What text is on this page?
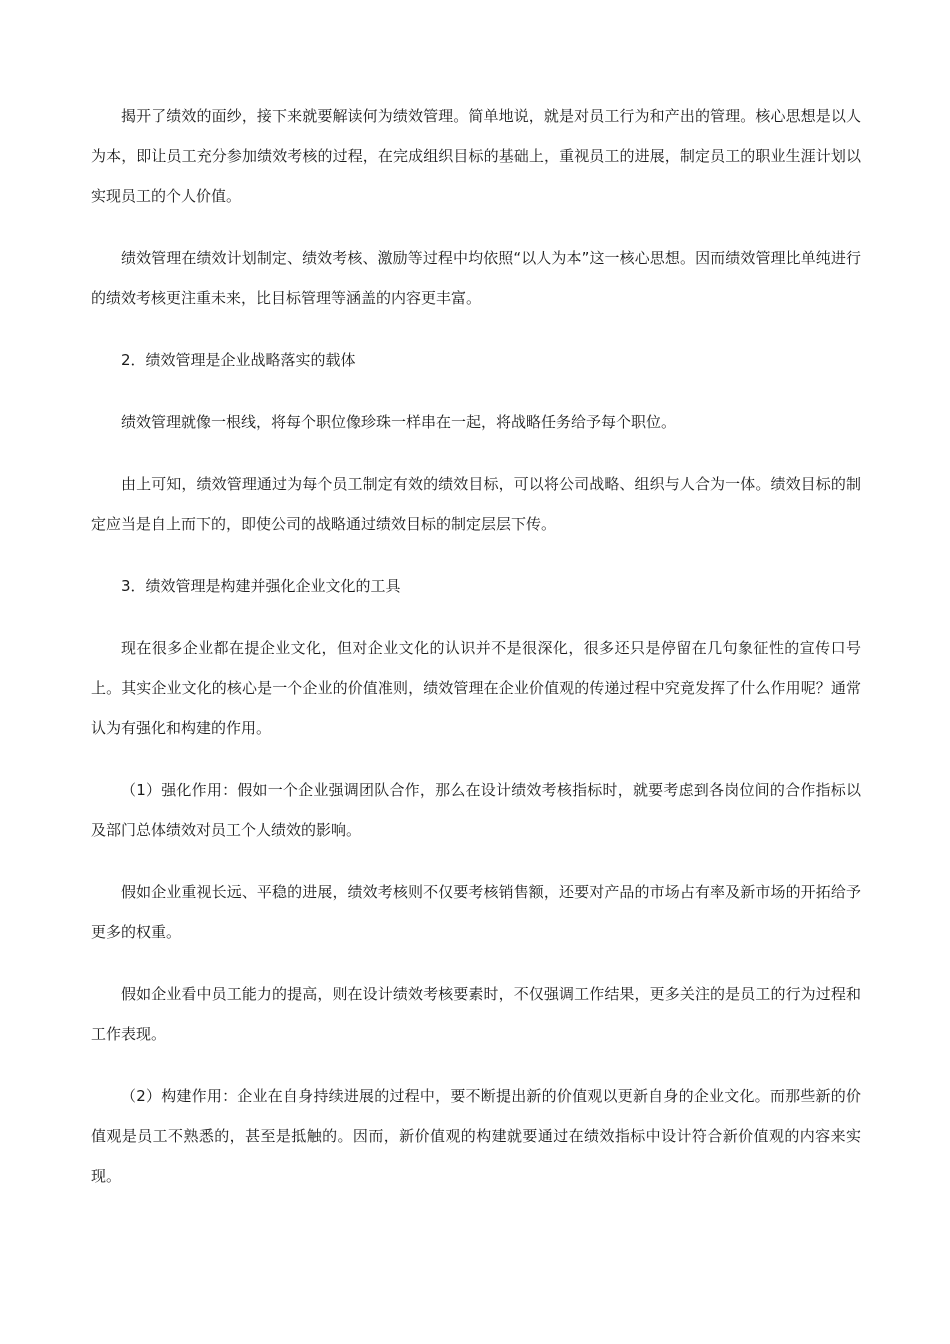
揭开了绩效的面纱，接下来就要解读何为绩效管理。简单地说，就是对员工行为和产出的管理。核心思想是以人为本，即让员工充分参加绩效考核的过程，在完成组织目标的基础上，重视员工的进展，制定员工的职业生涯计划以实现员工的个人价值。

绩效管理在绩效计划制定、绩效考核、激励等过程中均依照“以人为本”这一核心思想。因而绩效管理比单纯进行的绩效考核更注重未来，比目标管理等涵盖的内容更丰富。

2．绩效管理是企业战略落实的载体

绩效管理就像一根线，将每个职位像珍珠一样串在一起，将战略任务给予每个职位。

由上可知，绩效管理通过为每个员工制定有效的绩效目标，可以将公司战略、组织与人合为一体。绩效目标的制定应当是自上而下的，即使公司的战略通过绩效目标的制定层层下传。

3．绩效管理是构建并强化企业文化的工具

现在很多企业都在提企业文化，但对企业文化的认识并不是很深化，很多还只是停留在几句象征性的宣传口号上。其实企业文化的核心是一个企业的价值准则，绩效管理在企业价值观的传递过程中究竟发挥了什么作用呢？通常认为有强化和构建的作用。

（1）强化作用：假如一个企业强调团队合作，那么在设计绩效考核指标时，就要考虑到各岗位间的合作指标以及部门总体绩效对员工个人绩效的影响。

假如企业重视长远、平稳的进展，绩效考核则不仅要考核销售额，还要对产品的市场占有率及新市场的开拓给予更多的权重。

假如企业看中员工能力的提高，则在设计绩效考核要素时，不仅强调工作结果，更多关注的是员工的行为过程和工作表现。

（2）构建作用：企业在自身持续进展的过程中，要不断提出新的价值观以更新自身的企业文化。而那些新的价值观是员工不熟悉的，甚至是抵触的。因而，新价值观的构建就要通过在绩效指标中设计符合新价值观的内容来实现。
